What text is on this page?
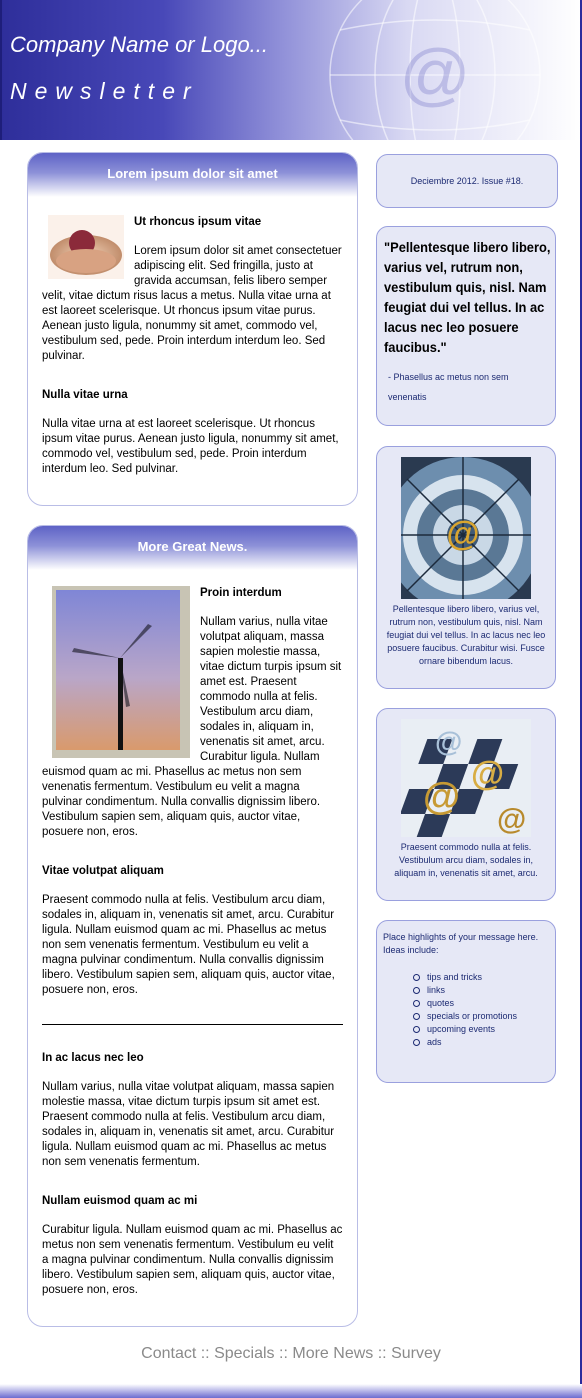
@
Company Name or Logo...
Newsletter
Lorem ipsum dolor sit amet
Ut rhoncus ipsum vitae

Lorem ipsum dolor sit amet consectetuer adipiscing elit. Sed fringilla, justo at gravida accumsan, felis libero semper velit, vitae dictum risus lacus a metus. Nulla vitae urna at est laoreet scelerisque. Ut rhoncus ipsum vitae purus. Aenean justo ligula, nonummy sit amet, commodo vel, vestibulum sed, pede. Proin interdum interdum leo. Sed pulvinar.

Nulla vitae urna

Nulla vitae urna at est laoreet scelerisque. Ut rhoncus ipsum vitae purus. Aenean justo ligula, nonummy sit amet, commodo vel, vestibulum sed, pede. Proin interdum interdum leo. Sed pulvinar.

More Great News.
Proin interdum

Nullam varius, nulla vitae volutpat aliquam, massa sapien molestie massa, vitae dictum turpis ipsum sit amet est. Praesent commodo nulla at felis. Vestibulum arcu diam, sodales in, aliquam in, venenatis sit amet, arcu. Curabitur ligula. Nullam euismod quam ac mi. Phasellus ac metus non sem venenatis fermentum. Vestibulum eu velit a magna pulvinar condimentum. Nulla convallis dignissim libero. Vestibulum sapien sem, aliquam quis, auctor vitae, posuere non, eros.

Vitae volutpat aliquam

Praesent commodo nulla at felis. Vestibulum arcu diam, sodales in, aliquam in, venenatis sit amet, arcu. Curabitur ligula. Nullam euismod quam ac mi. Phasellus ac metus non sem venenatis fermentum. Vestibulum eu velit a magna pulvinar condimentum. Nulla convallis dignissim libero. Vestibulum sapien sem, aliquam quis, auctor vitae, posuere non, eros.

In ac lacus nec leo

Nullam varius, nulla vitae volutpat aliquam, massa sapien molestie massa, vitae dictum turpis ipsum sit amet est. Praesent commodo nulla at felis. Vestibulum arcu diam, sodales in, aliquam in, venenatis sit amet, arcu. Curabitur ligula. Nullam euismod quam ac mi. Phasellus ac metus non sem venenatis fermentum.

Nullam euismod quam ac mi

Curabitur ligula. Nullam euismod quam ac mi. Phasellus ac metus non sem venenatis fermentum. Vestibulum eu velit a magna pulvinar condimentum. Nulla convallis dignissim libero. Vestibulum sapien sem, aliquam quis, auctor vitae, posuere non, eros.

Deciembre 2012. Issue #18.
"Pellentesque libero libero, varius vel, rutrum non, vestibulum quis, nisl. Nam feugiat dui vel tellus. In ac lacus nec leo posuere faucibus."
- Phasellus ac metus non sem venenatis
@
Pellentesque libero libero, varius vel, rutrum non, vestibulum quis, nisl. Nam feugiat dui vel tellus. In ac lacus nec leo posuere faucibus. Curabitur wisi. Fusce ornare bibendum lacus.
@
@
@
@
Praesent commodo nulla at felis. Vestibulum arcu diam, sodales in, aliquam in, venenatis sit amet, arcu.
Place highlights of your message here. Ideas include:
tips and tricks
links
quotes
specials or promotions
upcoming events
ads
Contact :: Specials :: More News :: Survey
